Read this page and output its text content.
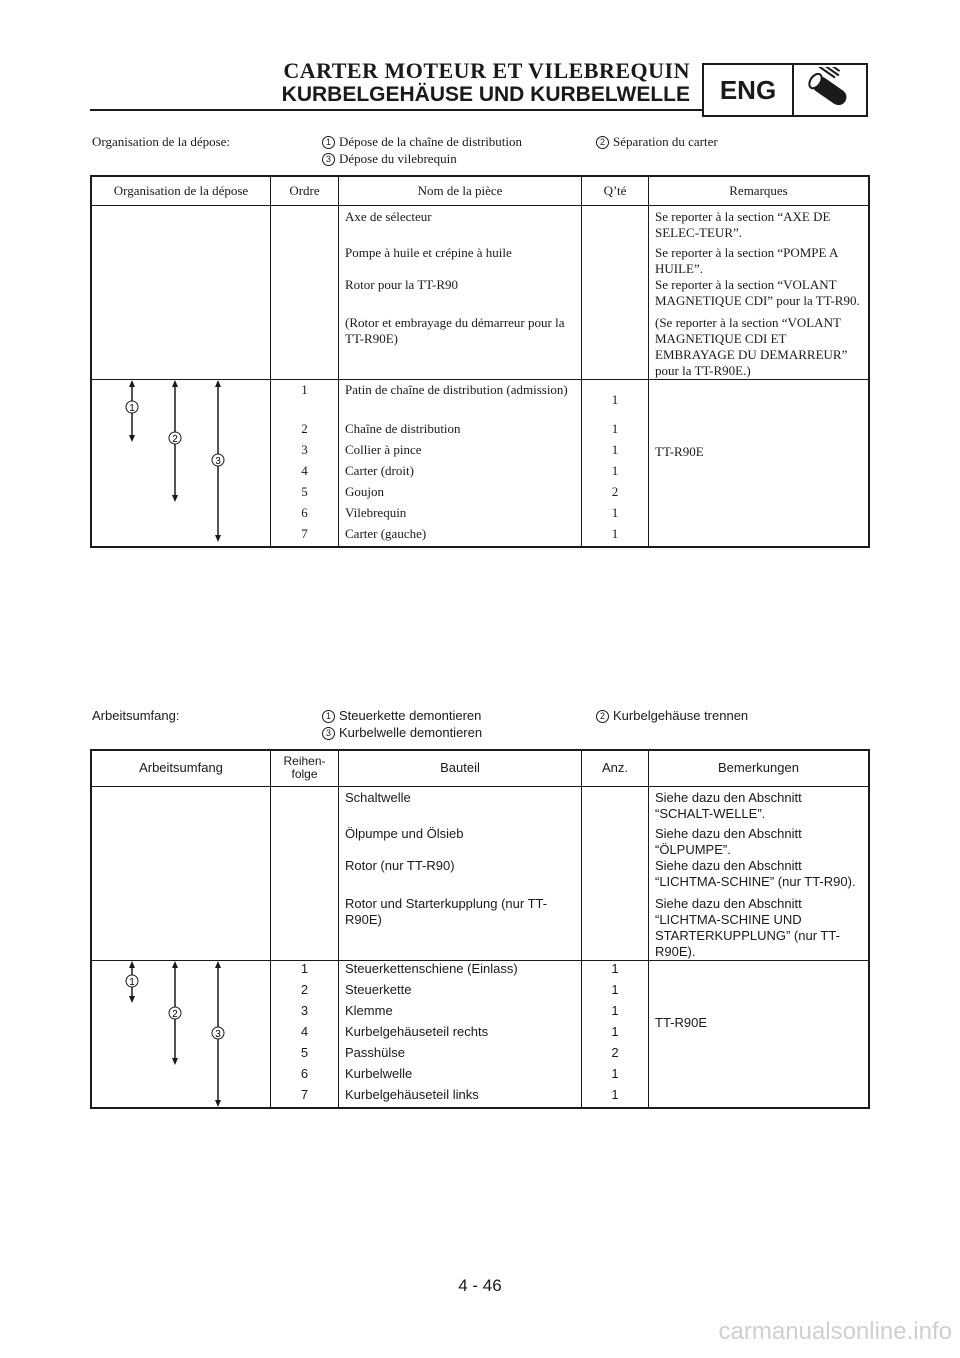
CARTER MOTEUR ET VILEBREQUIN
KURBELGEHÄUSE UND KURBELWELLE	ENG
Organisation de la dépose:	1 Dépose de la chaîne de distribution	2 Séparation du carter
3 Dépose du vilebrequin
Organisation de la dépose	Ordre	Nom de la pièce	Q’té	Remarques
		Axe de sélecteur		Se reporter à la section “AXE DE SELEC-TEUR”.
		Pompe à huile et crépine à huile		Se reporter à la section “POMPE A HUILE”.
		Rotor pour la TT-R90		Se reporter à la section “VOLANT MAGNETIQUE CDI” pour la TT-R90.
		(Rotor et embrayage du démarreur pour la TT-R90E)		(Se reporter à la section “VOLANT MAGNETIQUE CDI ET EMBRAYAGE DU DEMARREUR” pour la TT-R90E.)

1
2
3	1	Patin de chaîne de distribution (admission)	1	TT-R90E
	2	Chaîne de distribution	1	
	3	Collier à pince	1	
	4	Carter (droit)	1	
	5	Goujon	2	
	6	Vilebrequin	1	
	7	Carter (gauche)	1	
Arbeitsumfang:	1 Steuerkette demontieren	2 Kurbelgehäuse trennen
3 Kurbelwelle demontieren
Arbeitsumfang	Reihen-folge	Bauteil	Anz.	Bemerkungen
		Schaltwelle		Siehe dazu den Abschnitt “SCHALT-WELLE”.
		Ölpumpe und Ölsieb		Siehe dazu den Abschnitt “ÖLPUMPE”.
		Rotor (nur TT-R90)		Siehe dazu den Abschnitt “LICHTMA-SCHINE” (nur TT-R90).
		Rotor und Starterkupplung (nur TT-R90E)		Siehe dazu den Abschnitt “LICHTMA-SCHINE UND STARTERKUPPLUNG” (nur TT-R90E).

1
2
3	1	Steuerkettenschiene (Einlass)	1	TT-R90E
	2	Steuerkette	1	
	3	Klemme	1	
	4	Kurbelgehäuseteil rechts	1	
	5	Passhülse	2	
	6	Kurbelwelle	1	
	7	Kurbelgehäuseteil links	1	
4 - 46
carmanualsonline.info
